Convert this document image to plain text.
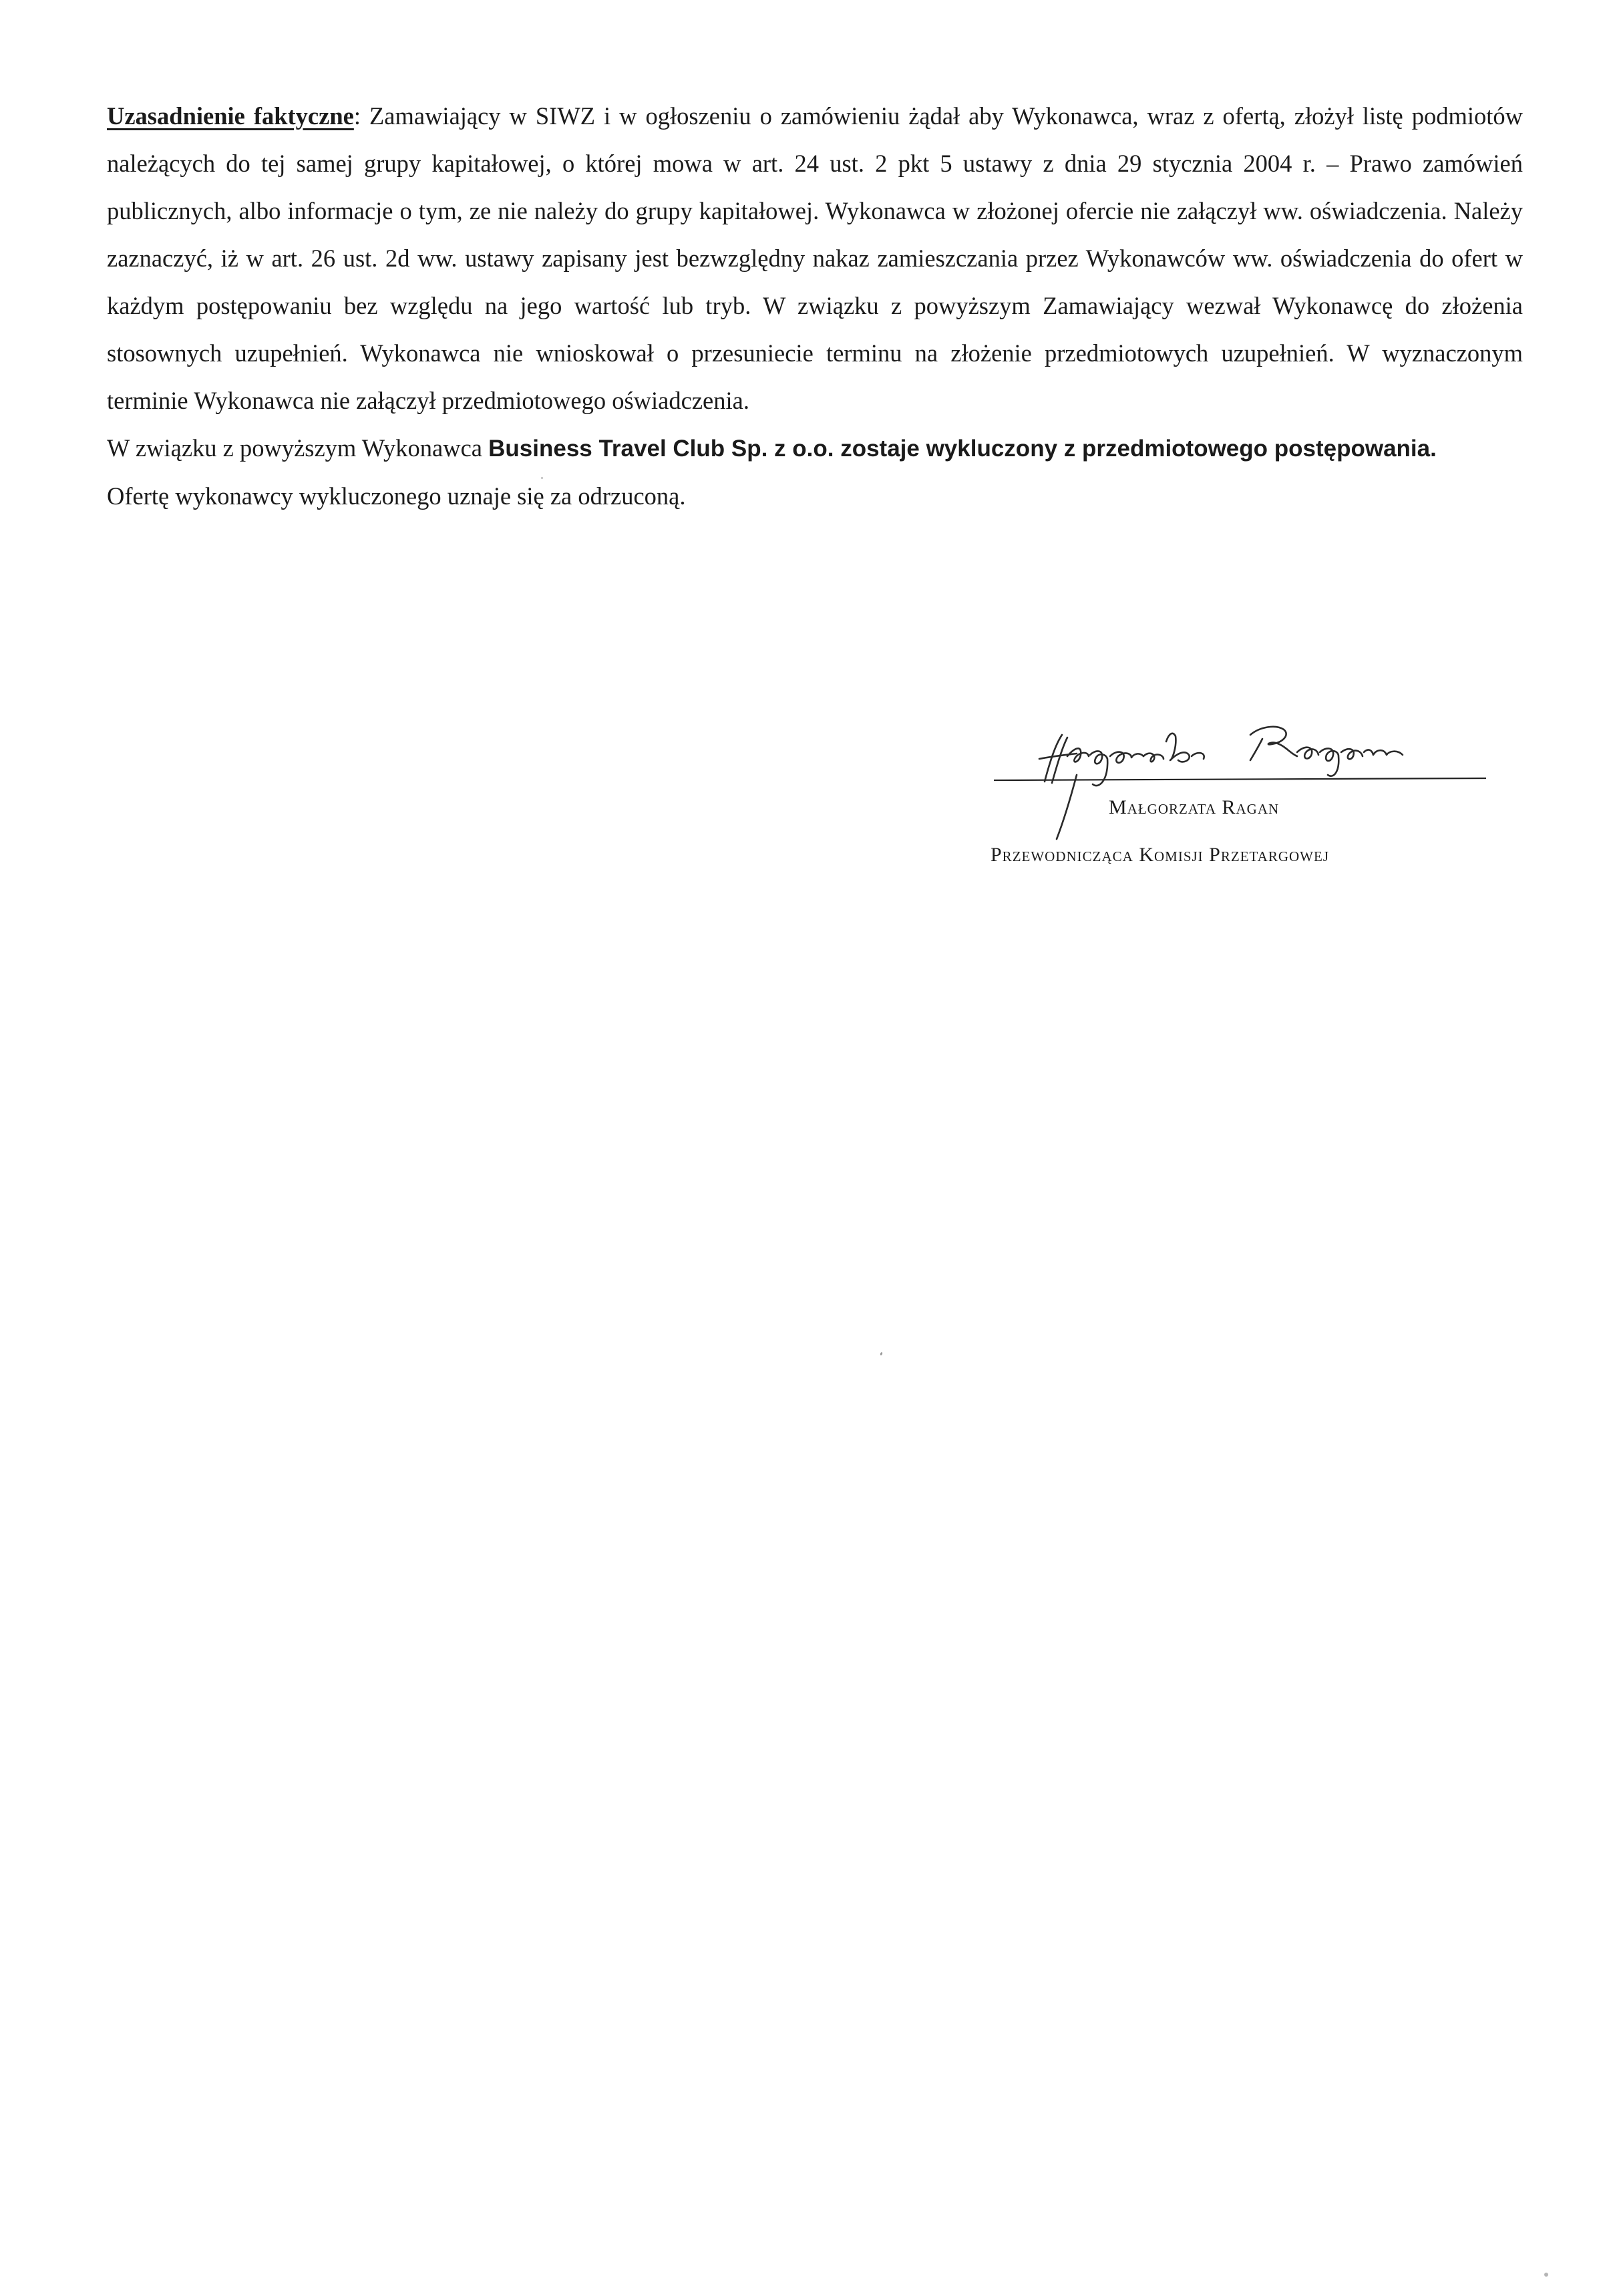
Uzasadnienie faktyczne: Zamawiający w SIWZ i w ogłoszeniu o zamówieniu żądał aby Wykonawca, wraz z ofertą, złożył listę podmiotów należących do tej samej grupy kapitałowej, o której mowa w art. 24 ust. 2 pkt 5 ustawy z dnia 29 stycznia 2004 r. – Prawo zamówień publicznych, albo informacje o tym, ze nie należy do grupy kapitałowej. Wykonawca w złożonej ofercie nie załączył ww. oświadczenia. Należy zaznaczyć, iż w art. 26 ust. 2d ww. ustawy zapisany jest bezwzględny nakaz zamieszczania przez Wykonawców ww. oświadczenia do ofert w każdym postępowaniu bez względu na jego wartość lub tryb. W związku z powyższym Zamawiający wezwał Wykonawcę do złożenia stosownych uzupełnień. Wykonawca nie wnioskował o przesuniecie terminu na złożenie przedmiotowych uzupełnień. W wyznaczonym terminie Wykonawca nie załączył przedmiotowego oświadczenia.

W związku z powyższym Wykonawca Business Travel Club Sp. z o.o. zostaje wykluczony z przedmiotowego postępowania.

Ofertę wykonawcy wykluczonego uznaje się za odrzuconą.

Małgorzata Ragan
Przewodnicząca Komisji Przetargowej
